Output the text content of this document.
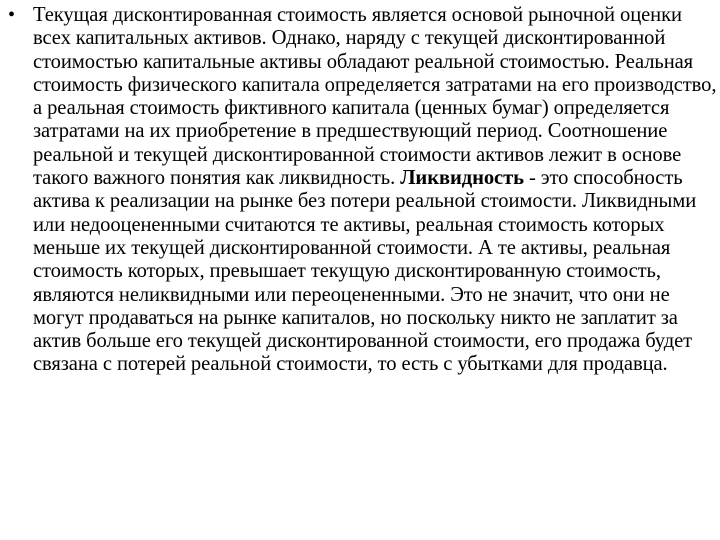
• Текущая дисконтированная стоимость является основой рыночной оценки всех капитальных активов. Однако, наряду с текущей дисконтированной стоимостью капитальные активы обладают реальной стоимостью. Реальная стоимость физического капитала определяется затратами на его производство, а реальная стоимость фиктивного капитала (ценных бумаг) определяется затратами на их приобретение в предшествующий период. Соотношение реальной и текущей дисконтированной стоимости активов лежит в основе такого важного понятия как ликвидность. Ликвидность - это способность актива к реализации на рынке без потери реальной стоимости. Ликвидными или недооцененными считаются те активы, реальная стоимость которых меньше их текущей дисконтированной стоимости. А те активы, реальная стоимость которых, превышает текущую дисконтированную стоимость, являются неликвидными или переоцененными. Это не значит, что они не могут продаваться на рынке капиталов, но поскольку никто не заплатит за актив больше его текущей дисконтированной стоимости, его продажа будет связана с потерей реальной стоимости, то есть с убытками для продавца.
